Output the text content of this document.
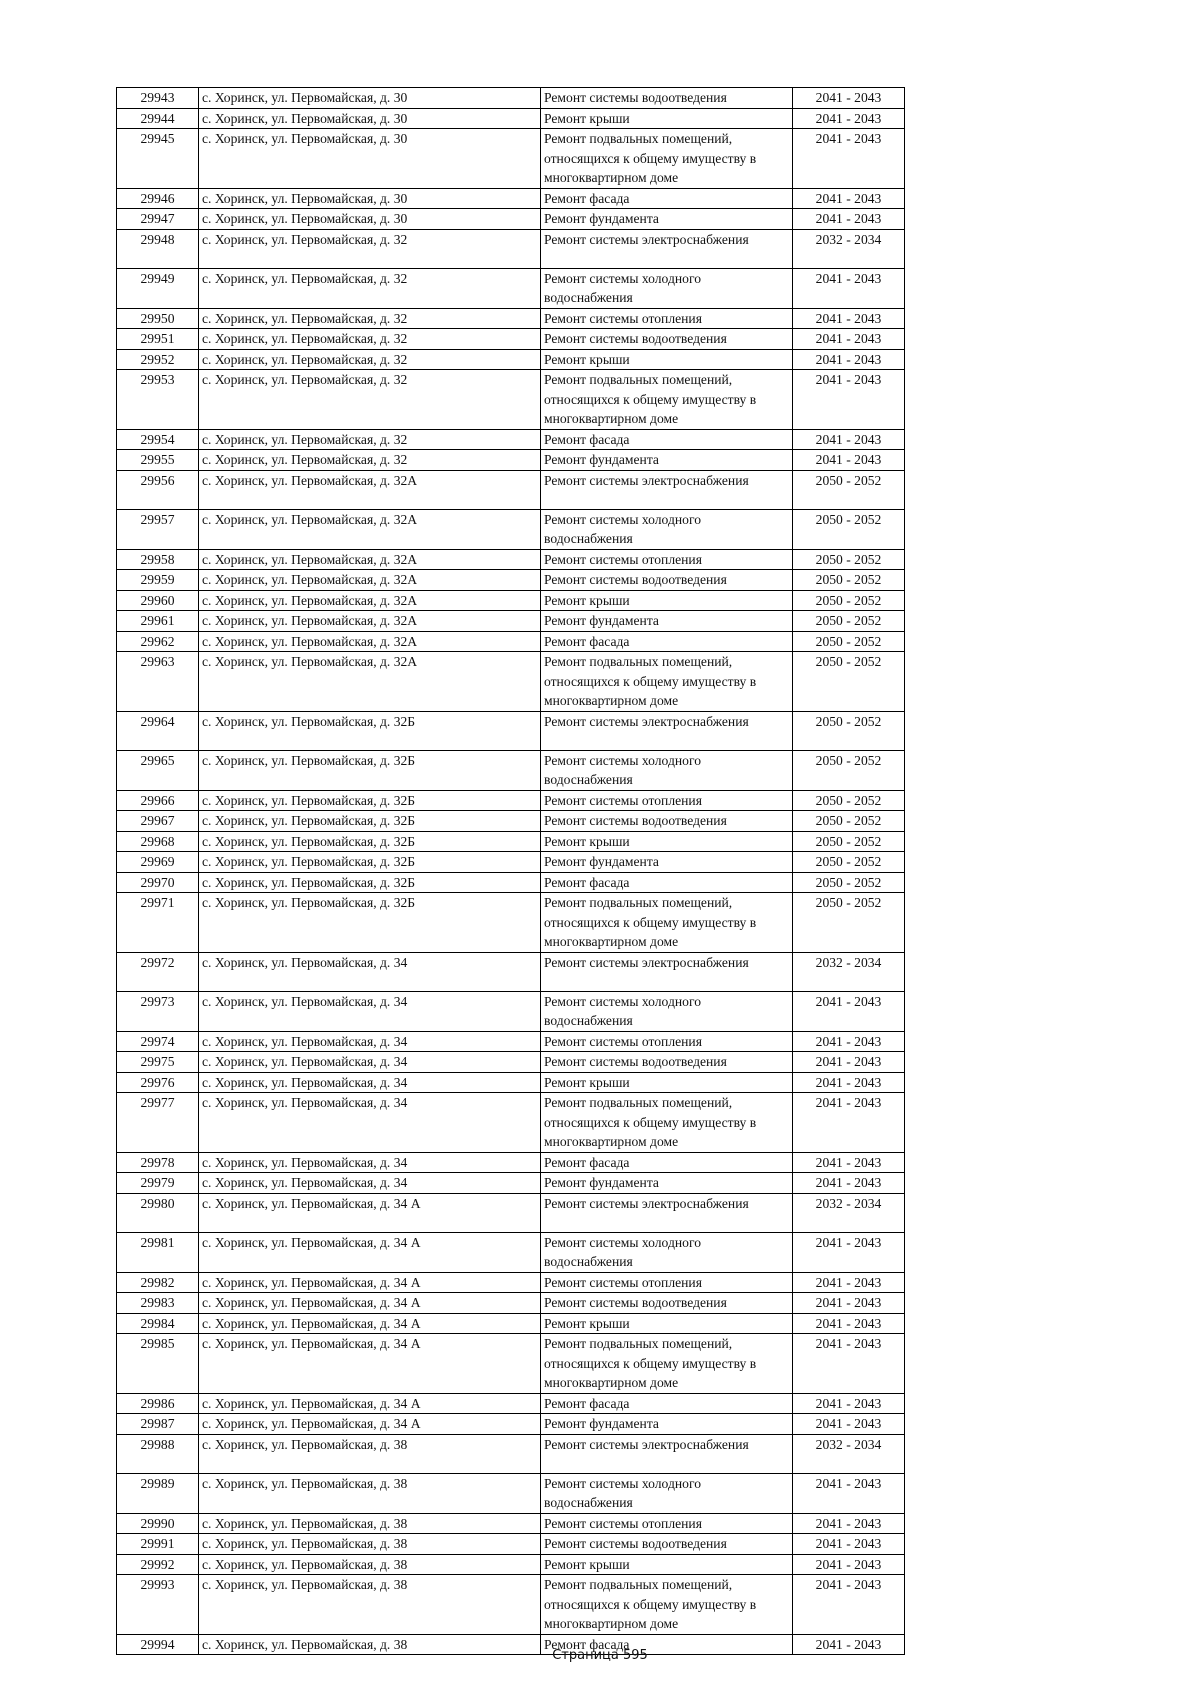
29943	с. Хоринск, ул. Первомайская, д. 30	Ремонт системы водоотведения	2041 - 2043
29944	с. Хоринск, ул. Первомайская, д. 30	Ремонт крыши	2041 - 2043
29945	с. Хоринск, ул. Первомайская, д. 30	Ремонт подвальных помещений, относящихся к общему имуществу в многоквартирном доме	2041 - 2043
29946	с. Хоринск, ул. Первомайская, д. 30	Ремонт фасада	2041 - 2043
29947	с. Хоринск, ул. Первомайская, д. 30	Ремонт фундамента	2041 - 2043
29948	с. Хоринск, ул. Первомайская, д. 32	Ремонт системы электроснабжения	2032 - 2034
29949	с. Хоринск, ул. Первомайская, д. 32	Ремонт системы холодного водоснабжения	2041 - 2043
29950	с. Хоринск, ул. Первомайская, д. 32	Ремонт системы отопления	2041 - 2043
29951	с. Хоринск, ул. Первомайская, д. 32	Ремонт системы водоотведения	2041 - 2043
29952	с. Хоринск, ул. Первомайская, д. 32	Ремонт крыши	2041 - 2043
29953	с. Хоринск, ул. Первомайская, д. 32	Ремонт подвальных помещений, относящихся к общему имуществу в многоквартирном доме	2041 - 2043
29954	с. Хоринск, ул. Первомайская, д. 32	Ремонт фасада	2041 - 2043
29955	с. Хоринск, ул. Первомайская, д. 32	Ремонт фундамента	2041 - 2043
29956	с. Хоринск, ул. Первомайская, д. 32А	Ремонт системы электроснабжения	2050 - 2052
29957	с. Хоринск, ул. Первомайская, д. 32А	Ремонт системы холодного водоснабжения	2050 - 2052
29958	с. Хоринск, ул. Первомайская, д. 32А	Ремонт системы отопления	2050 - 2052
29959	с. Хоринск, ул. Первомайская, д. 32А	Ремонт системы водоотведения	2050 - 2052
29960	с. Хоринск, ул. Первомайская, д. 32А	Ремонт крыши	2050 - 2052
29961	с. Хоринск, ул. Первомайская, д. 32А	Ремонт фундамента	2050 - 2052
29962	с. Хоринск, ул. Первомайская, д. 32А	Ремонт фасада	2050 - 2052
29963	с. Хоринск, ул. Первомайская, д. 32А	Ремонт подвальных помещений, относящихся к общему имуществу в многоквартирном доме	2050 - 2052
29964	с. Хоринск, ул. Первомайская, д. 32Б	Ремонт системы электроснабжения	2050 - 2052
29965	с. Хоринск, ул. Первомайская, д. 32Б	Ремонт системы холодного водоснабжения	2050 - 2052
29966	с. Хоринск, ул. Первомайская, д. 32Б	Ремонт системы отопления	2050 - 2052
29967	с. Хоринск, ул. Первомайская, д. 32Б	Ремонт системы водоотведения	2050 - 2052
29968	с. Хоринск, ул. Первомайская, д. 32Б	Ремонт крыши	2050 - 2052
29969	с. Хоринск, ул. Первомайская, д. 32Б	Ремонт фундамента	2050 - 2052
29970	с. Хоринск, ул. Первомайская, д. 32Б	Ремонт фасада	2050 - 2052
29971	с. Хоринск, ул. Первомайская, д. 32Б	Ремонт подвальных помещений, относящихся к общему имуществу в многоквартирном доме	2050 - 2052
29972	с. Хоринск, ул. Первомайская, д. 34	Ремонт системы электроснабжения	2032 - 2034
29973	с. Хоринск, ул. Первомайская, д. 34	Ремонт системы холодного водоснабжения	2041 - 2043
29974	с. Хоринск, ул. Первомайская, д. 34	Ремонт системы отопления	2041 - 2043
29975	с. Хоринск, ул. Первомайская, д. 34	Ремонт системы водоотведения	2041 - 2043
29976	с. Хоринск, ул. Первомайская, д. 34	Ремонт крыши	2041 - 2043
29977	с. Хоринск, ул. Первомайская, д. 34	Ремонт подвальных помещений, относящихся к общему имуществу в многоквартирном доме	2041 - 2043
29978	с. Хоринск, ул. Первомайская, д. 34	Ремонт фасада	2041 - 2043
29979	с. Хоринск, ул. Первомайская, д. 34	Ремонт фундамента	2041 - 2043
29980	с. Хоринск, ул. Первомайская, д. 34 А	Ремонт системы электроснабжения	2032 - 2034
29981	с. Хоринск, ул. Первомайская, д. 34 А	Ремонт системы холодного водоснабжения	2041 - 2043
29982	с. Хоринск, ул. Первомайская, д. 34 А	Ремонт системы отопления	2041 - 2043
29983	с. Хоринск, ул. Первомайская, д. 34 А	Ремонт системы водоотведения	2041 - 2043
29984	с. Хоринск, ул. Первомайская, д. 34 А	Ремонт крыши	2041 - 2043
29985	с. Хоринск, ул. Первомайская, д. 34 А	Ремонт подвальных помещений, относящихся к общему имуществу в многоквартирном доме	2041 - 2043
29986	с. Хоринск, ул. Первомайская, д. 34 А	Ремонт фасада	2041 - 2043
29987	с. Хоринск, ул. Первомайская, д. 34 А	Ремонт фундамента	2041 - 2043
29988	с. Хоринск, ул. Первомайская, д. 38	Ремонт системы электроснабжения	2032 - 2034
29989	с. Хоринск, ул. Первомайская, д. 38	Ремонт системы холодного водоснабжения	2041 - 2043
29990	с. Хоринск, ул. Первомайская, д. 38	Ремонт системы отопления	2041 - 2043
29991	с. Хоринск, ул. Первомайская, д. 38	Ремонт системы водоотведения	2041 - 2043
29992	с. Хоринск, ул. Первомайская, д. 38	Ремонт крыши	2041 - 2043
29993	с. Хоринск, ул. Первомайская, д. 38	Ремонт подвальных помещений, относящихся к общему имуществу в многоквартирном доме	2041 - 2043
29994	с. Хоринск, ул. Первомайская, д. 38	Ремонт фасада	2041 - 2043
Страница 595
